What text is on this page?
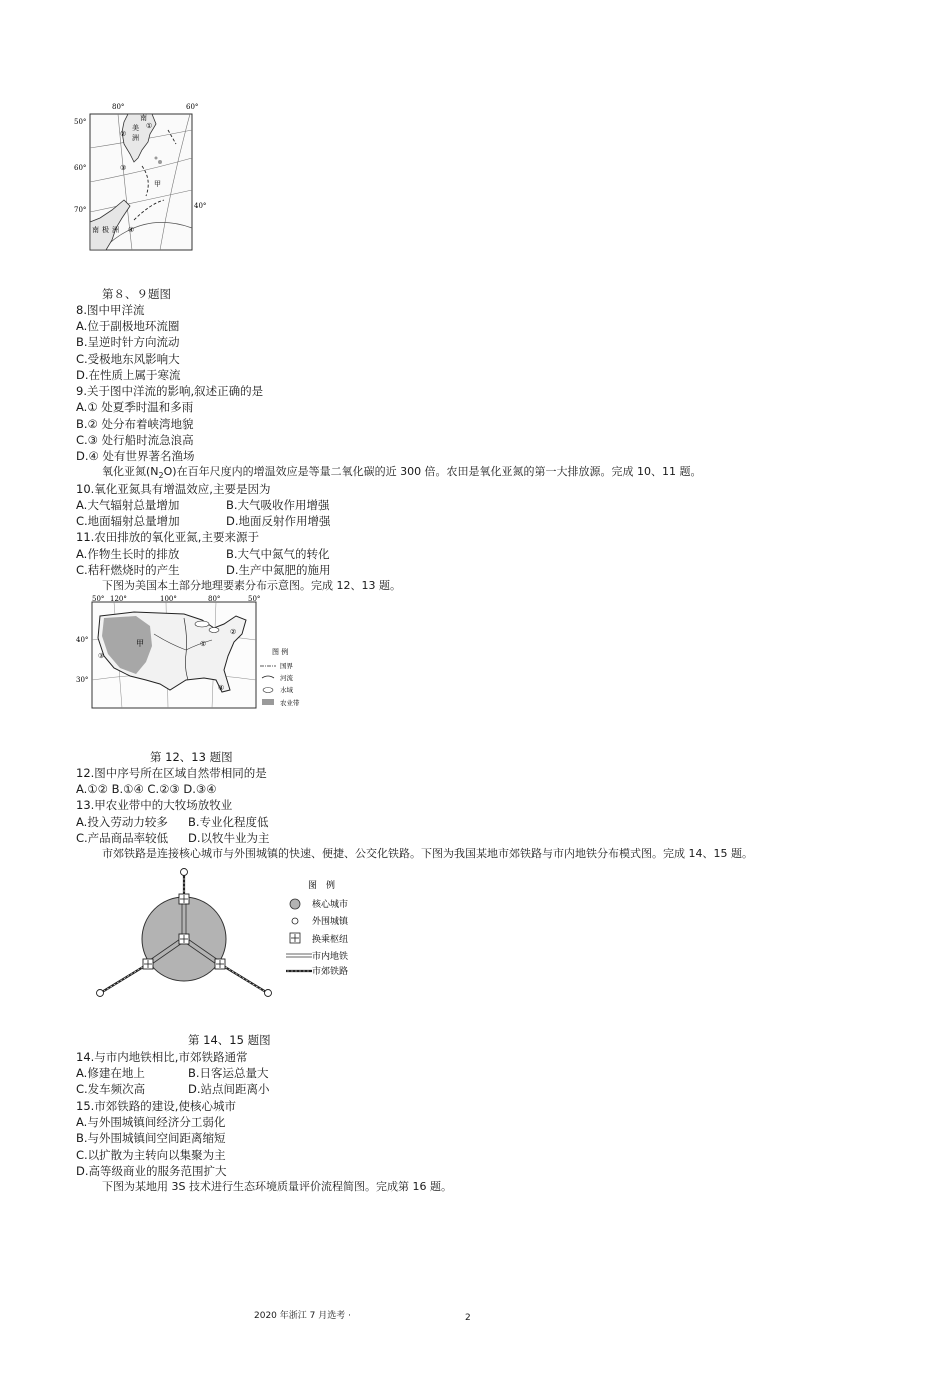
80°	60°
40°
50°
60°
70°
南
美
洲
甲
南 极 洲
①
②
③
④
第８、９题图
8.图中甲洋流
A.位于副极地环流圈
B.呈逆时针方向流动
C.受极地东风影响大
D.在性质上属于寒流
9.关于图中洋流的影响,叙述正确的是
A.① 处夏季时温和多雨
B.② 处分布着峡湾地貌
C.③ 处行船时流急浪高
D.④ 处有世界著名渔场
氧化亚氮$(N_2O)$在百年尺度内的增温效应是等量二氧化碳的近 300 倍。农田是氧化亚氮的第一大排放源。完成 10、11 题。
10.氧化亚氮具有增温效应,主要是因为
A.大气辐射总量增加	B.大气吸收作用增强
C.地面辐射总量增加	D.地面反射作用增强
11.农田排放的氧化亚氮,主要来源于
A.作物生长时的排放	B.大气中氮气的转化
C.秸秆燃烧时的产生	D.生产中氮肥的施用
下图为美国本土部分地理要素分布示意图。完成 12、13 题。
50° 120°	100°	80°	50°
40°
30°
甲	①
②
③
④
图 例
国界
河流
水域
农业带
第 12、13 题图
12.图中序号所在区域自然带相同的是
A.①② B.①④ C.②③ D.③④
13.甲农业带中的大牧场放牧业
A.投入劳动力较多 B.专业化程度低
C.产品商品率较低 D.以牧牛业为主
市郊铁路是连接核心城市与外围城镇的快速、便捷、公交化铁路。下图为我国某地市郊铁路与市内地铁分布模式图。完成 14、15 题。
图　例
核心城市
外围城镇
换乘枢纽
市内地铁
市郊铁路
第 14、15 题图
14.与市内地铁相比,市郊铁路通常
A.修建在地上	B.日客运总量大
C.发车频次高	D.站点间距离小
15.市郊铁路的建设,使核心城市
A.与外围城镇间经济分工弱化
B.与外围城镇间空间距离缩短
C.以扩散为主转向以集聚为主
D.高等级商业的服务范围扩大
下图为某地用 3S 技术进行生态环境质量评价流程简图。完成第 16 题。
2020 年浙江 7 月选考 ·	2
